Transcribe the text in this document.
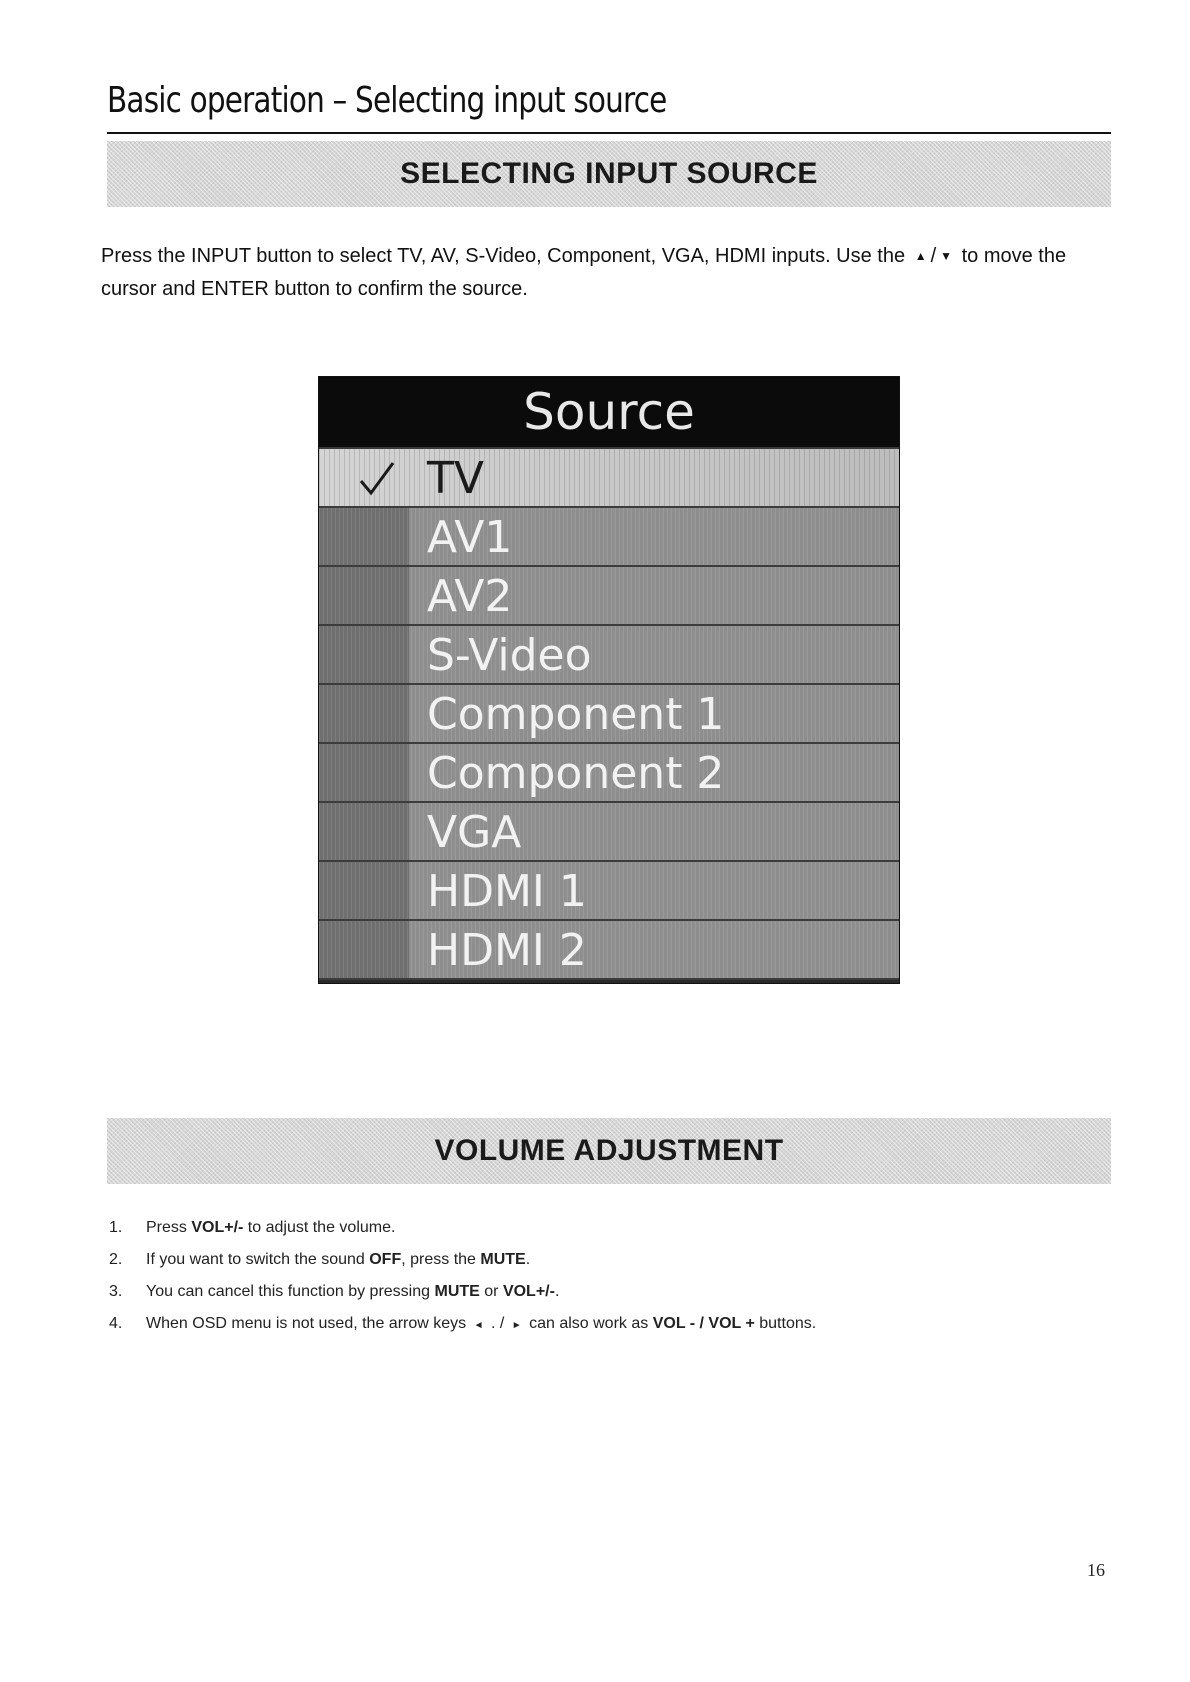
Basic operation – Selecting input source
SELECTING INPUT SOURCE

Press the INPUT button to select TV, AV, S-Video, Component, VGA, HDMI inputs. Use the ▲ / ▼ to move the cursor and ENTER button to confirm the source.

Source
TV
AV1
AV2
S-Video
Component 1
Component 2
VGA
HDMI 1
HDMI 2
VOLUME ADJUSTMENT
1. Press VOL+/- to adjust the volume.
2. If you want to switch the sound OFF, press the MUTE.
3. You can cancel this function by pressing MUTE or VOL+/-.
4. When OSD menu is not used, the arrow keys ◄ . / ► can also work as VOL - / VOL + buttons.
16
